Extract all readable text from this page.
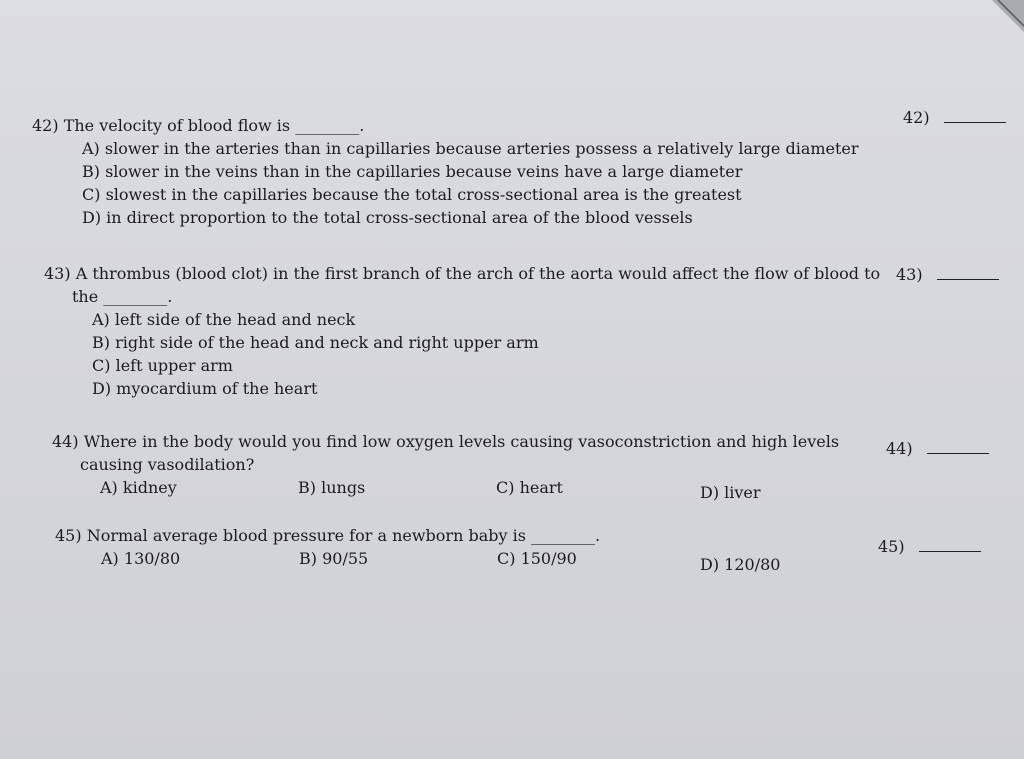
42) The velocity of blood flow is ________.
A) slower in the arteries than in capillaries because arteries possess a relatively large diameter
B) slower in the veins than in the capillaries because veins have a large diameter
C) slowest in the capillaries because the total cross-sectional area is the greatest
D) in direct proportion to the total cross-sectional area of the blood vessels
42)
43) A thrombus (blood clot) in the first branch of the arch of the aorta would affect the flow of blood to
the ________.
A) left side of the head and neck
B) right side of the head and neck and right upper arm
C) left upper arm
D) myocardium of the heart
43)
44) Where in the body would you find low oxygen levels causing vasoconstriction and high levels
causing vasodilation?
A) kidney	B) lungs	C) heart	D) liver
44)
45) Normal average blood pressure for a newborn baby is ________.
A) 130/80	B) 90/55	C) 150/90	D) 120/80
45)
